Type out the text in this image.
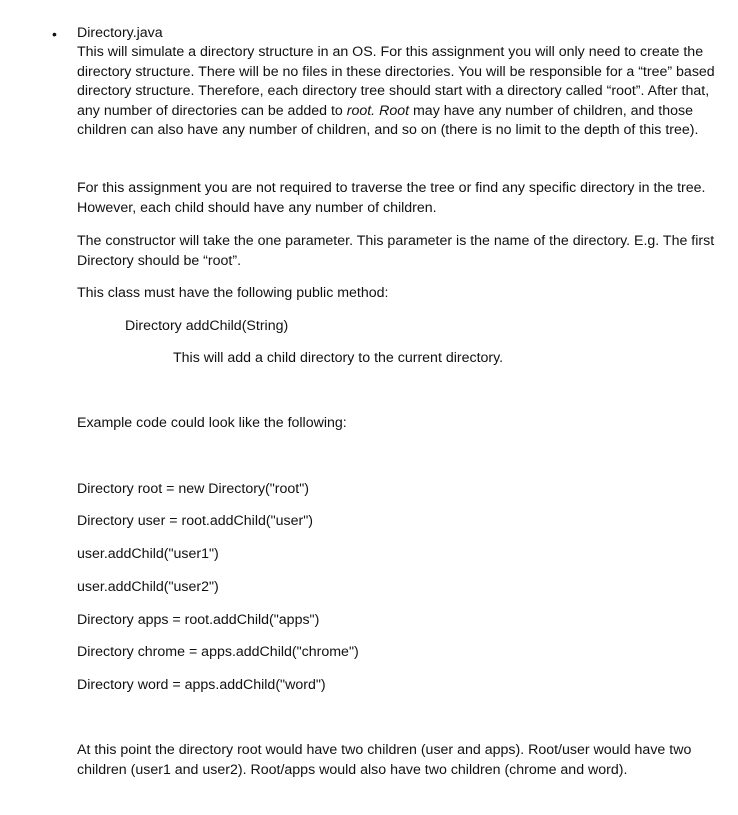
• Directory.java

This will simulate a directory structure in an OS. For this assignment you will only need to create the directory structure. There will be no files in these directories. You will be responsible for a “tree” based directory structure. Therefore, each directory tree should start with a directory called “root”. After that, any number of directories can be added to root. Root may have any number of children, and those children can also have any number of children, and so on (there is no limit to the depth of this tree).

For this assignment you are not required to traverse the tree or find any specific directory in the tree. However, each child should have any number of children.

The constructor will take the one parameter. This parameter is the name of the directory. E.g. The first Directory should be “root”.

This class must have the following public method:

Directory addChild(String)

This will add a child directory to the current directory.

Example code could look like the following:

Directory root = new Directory("root")

Directory user = root.addChild("user")

user.addChild("user1")

user.addChild("user2")

Directory apps = root.addChild("apps")

Directory chrome = apps.addChild("chrome")

Directory word = apps.addChild("word")

At this point the directory root would have two children (user and apps). Root/user would have two children (user1 and user2). Root/apps would also have two children (chrome and word).
